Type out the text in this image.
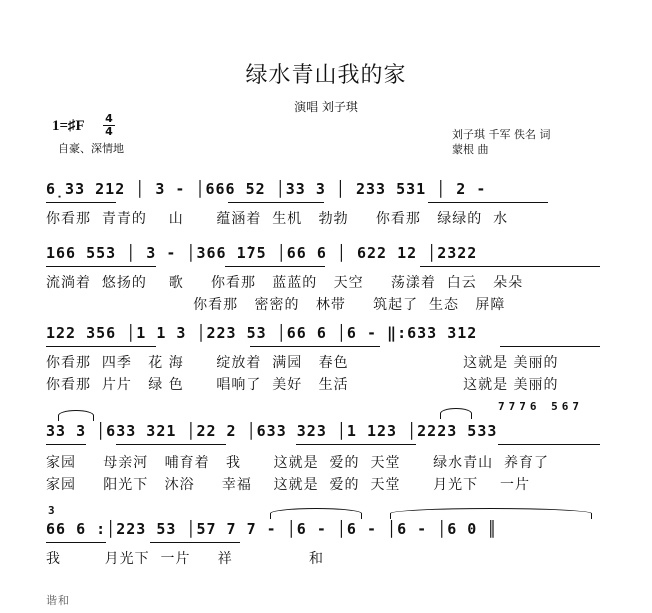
绿水青山我的家
演唱 刘子琪
1=♯F $\frac{4}{4}$
自豪、深情地
刘子琪 千军 佚名 词
蒙根 曲
6̣33 212 │ 3 - │666 52 │33 3 │ 233 531 │ 2 -
你看那  青青的    山      蕴涵着  生机   勃勃     你看那   绿绿的  水
166 553 │ 3 - │366 1̇75 │66 6 │ 622 12 │2322
流淌着  悠扬的    歌     你看那   蓝蓝的   天空     荡漾着  白云   朵朵
你看那   密密的   林带     筑起了  生态   屏障
122 356 │1 1 3 │223 53 │66 6 │6 - ‖:633 312
你看那  四季   花 海      绽放着  满园   春色                     这就是 美丽的
你看那  片片   绿 色      唱响了  美好   生活                     这就是 美丽的
7776 567
33 3 │633 321 │22 2 │633 323 │1 123 │2223 533
家园     母亲河   哺育着   我      这就是  爱的  天堂      绿水青山  养育了
家园     阳光下   沐浴     幸福    这就是  爱的  天堂      月光下    一片
3
66 6 :│223 53 │57 7 7 - │6 - │6 - │6 - │6 0 ║
我        月光下  一片     祥              和
谐和
